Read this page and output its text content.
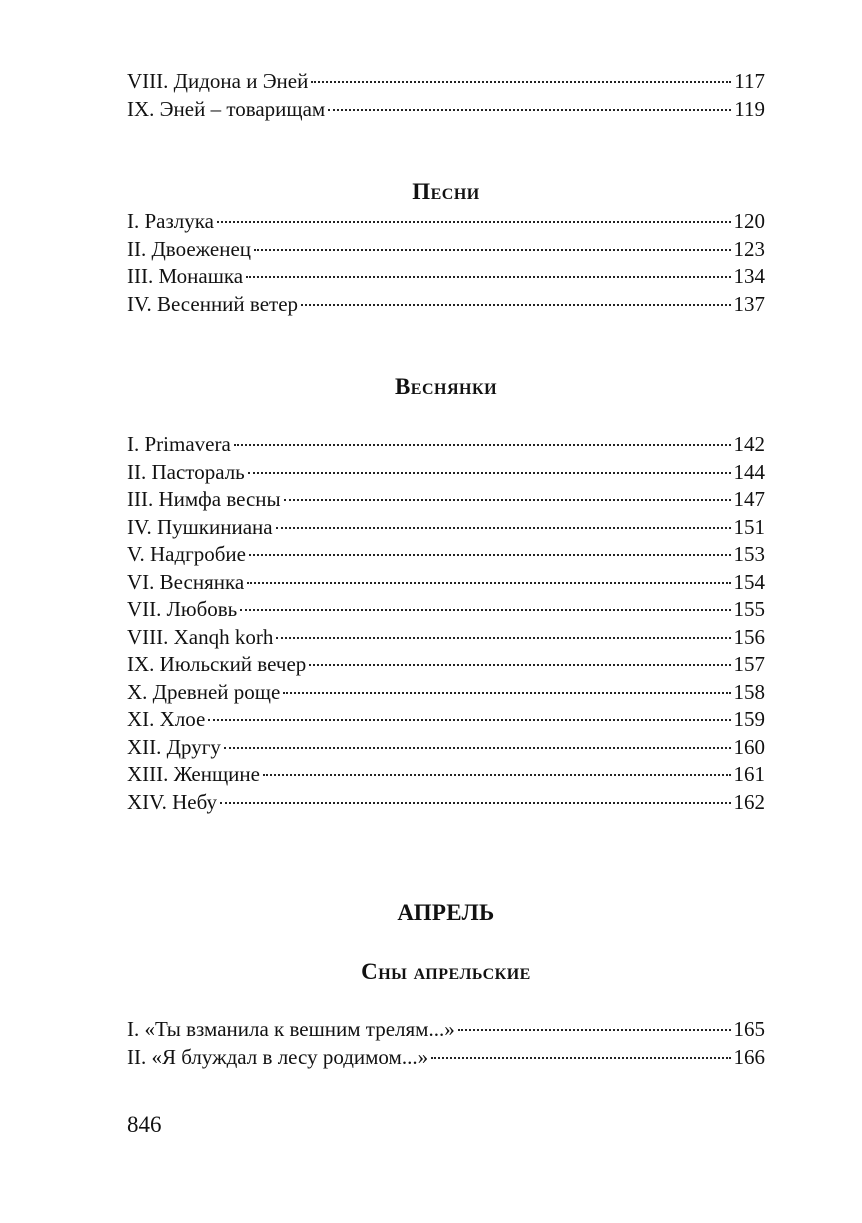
VIII. Дидона и Эней	117
IX. Эней – товарищам	119
Песни
I. Разлука	120
II. Двоеженец	123
III. Монашка	134
IV. Весенний ветер	137
Веснянки
I. Primavera	142
II. Пастораль	144
III. Нимфа весны	147
IV. Пушкиниана	151
V. Надгробие	153
VI. Веснянка	154
VII. Любовь	155
VIII. Xanqh korh	156
IX. Июльский вечер	157
X. Древней роще	158
XI. Хлое	159
XII. Другу	160
XIII. Женщине	161
XIV. Небу	162
АПРЕЛЬ
Сны апрельские
I. «Ты взманила к вешним трелям...»	165
II. «Я блуждал в лесу родимом...»	166
846
